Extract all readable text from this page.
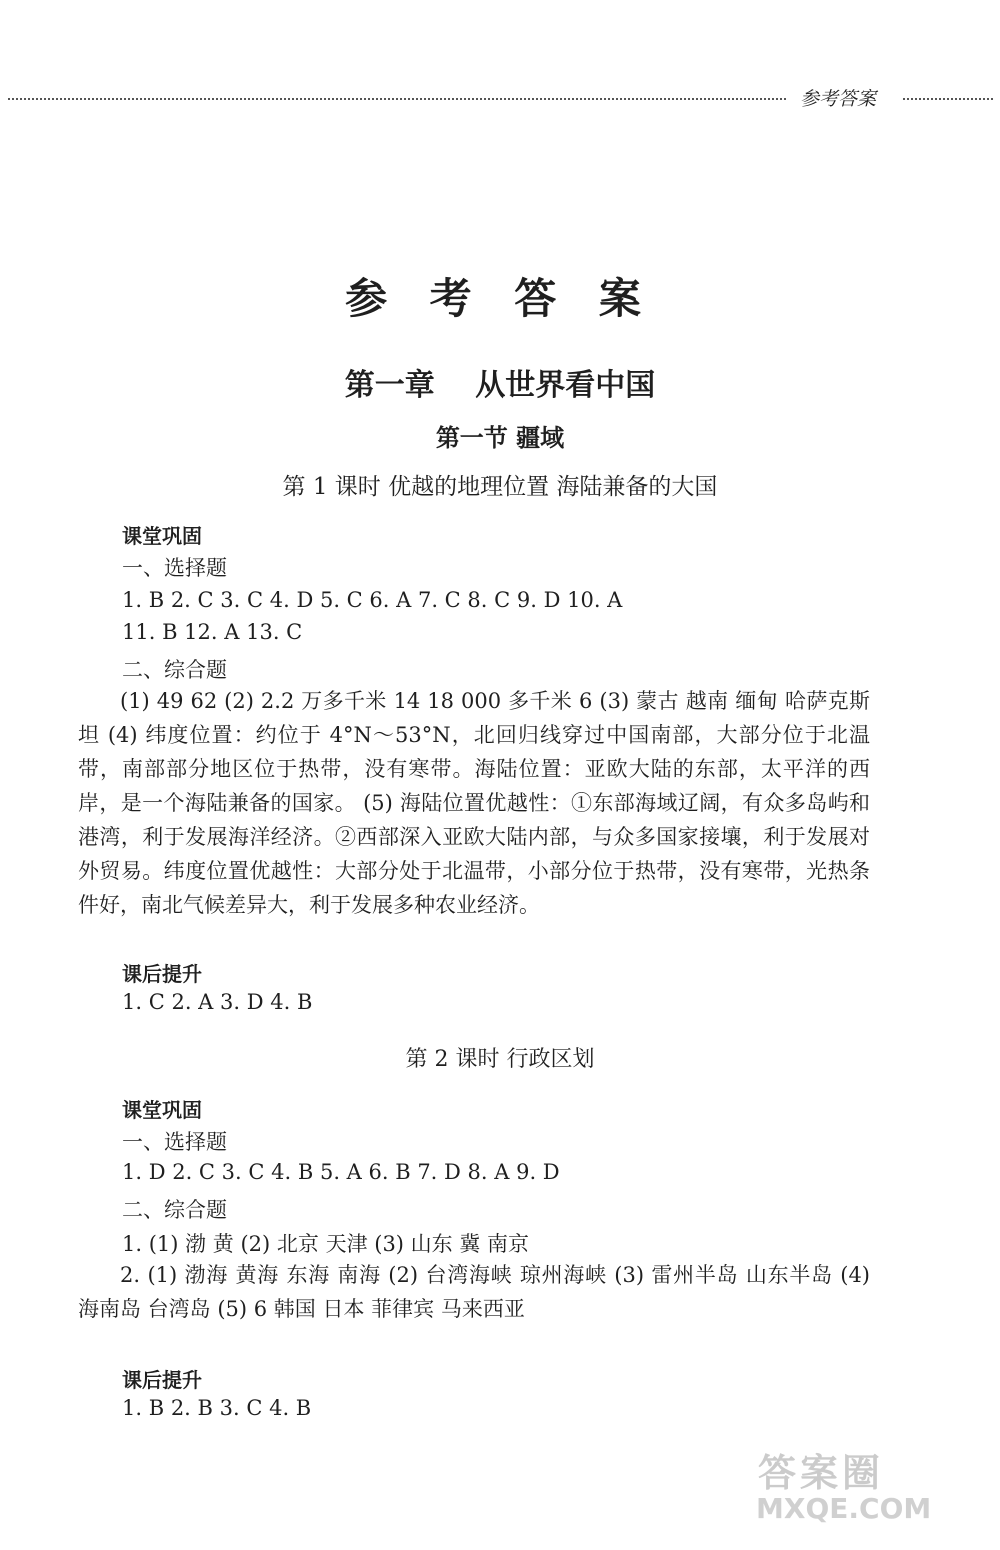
参考答案
参 考 答 案
第一章 从世界看中国
第一节 疆域
第 1 课时 优越的地理位置 海陆兼备的大国
课堂巩固
一、选择题
1. B 2. C 3. C 4. D 5. C 6. A 7. C 8. C 9. D 10. A
11. B 12. A 13. C
二、综合题
(1) 49 62 (2) 2.2 万多千米 14 18 000 多千米 6 (3) 蒙古 越南 缅甸 哈萨克斯坦 (4) 纬度位置：约位于 4°N～53°N，北回归线穿过中国南部，大部分位于北温带，南部部分地区位于热带，没有寒带。海陆位置：亚欧大陆的东部，太平洋的西岸，是一个海陆兼备的国家。 (5) 海陆位置优越性：①东部海域辽阔，有众多岛屿和港湾，利于发展海洋经济。②西部深入亚欧大陆内部，与众多国家接壤，利于发展对外贸易。纬度位置优越性：大部分处于北温带，小部分位于热带，没有寒带，光热条件好，南北气候差异大，利于发展多种农业经济。
课后提升
1. C 2. A 3. D 4. B
第 2 课时 行政区划
课堂巩固
一、选择题
1. D 2. C 3. C 4. B 5. A 6. B 7. D 8. A 9. D
二、综合题
1. (1) 渤 黄 (2) 北京 天津 (3) 山东 冀 南京
2. (1) 渤海 黄海 东海 南海 (2) 台湾海峡 琼州海峡 (3) 雷州半岛 山东半岛 (4) 海南岛 台湾岛 (5) 6 韩国 日本 菲律宾 马来西亚
课后提升
1. B 2. B 3. C 4. B
答案圈
MXQE.COM
